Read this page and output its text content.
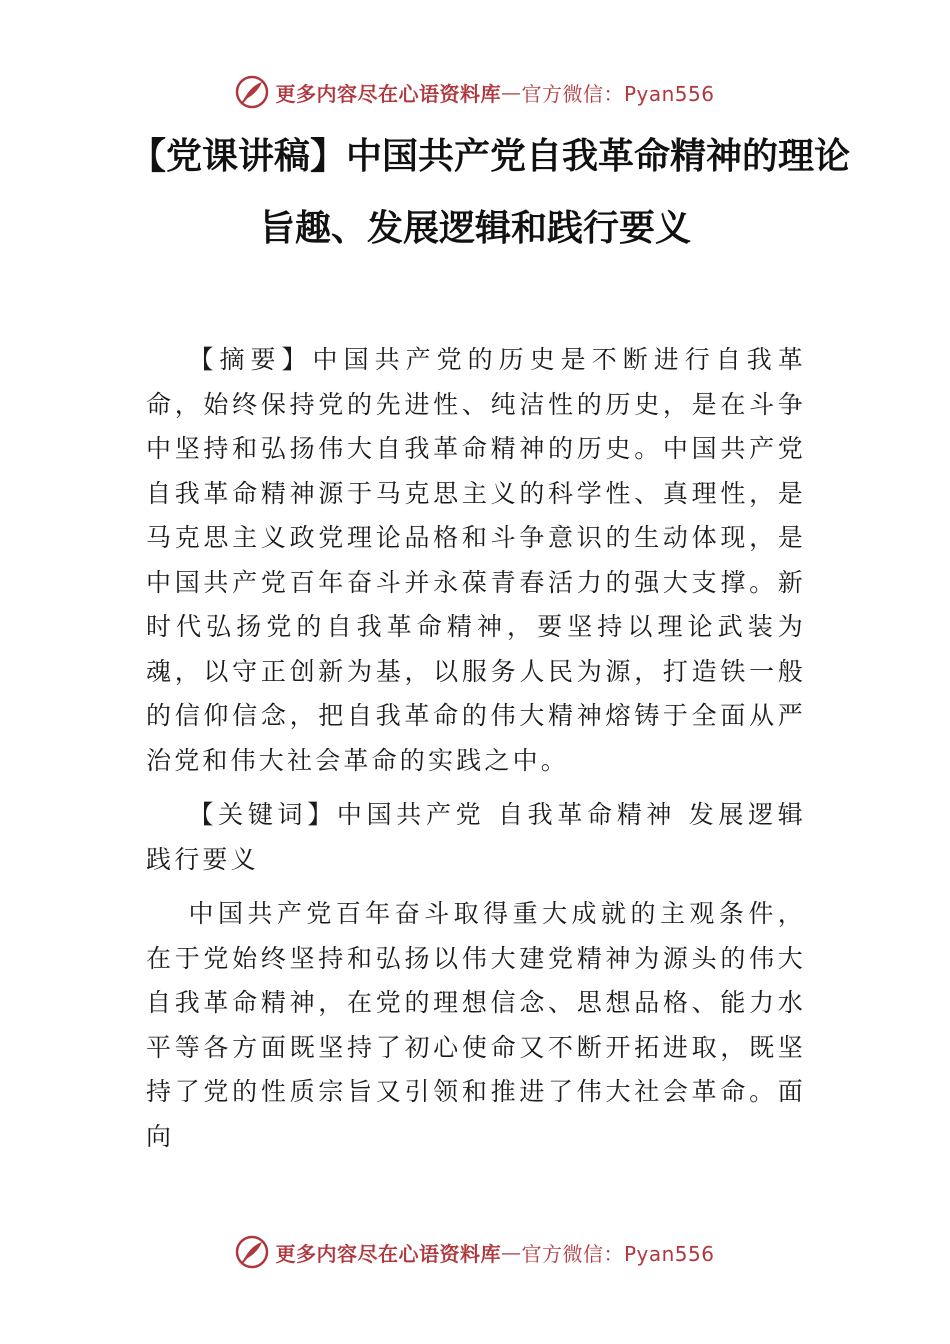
更多内容尽在心语资料库 — 官方微信：Pyan556
【党课讲稿】中国共产党自我革命精神的理论
旨趣、发展逻辑和践行要义

【摘要】中国共产党的历史是不断进行自我革命，始终保持党的先进性、纯洁性的历史，是在斗争中坚持和弘扬伟大自我革命精神的历史。中国共产党自我革命精神源于马克思主义的科学性、真理性，是马克思主义政党理论品格和斗争意识的生动体现，是中国共产党百年奋斗并永葆青春活力的强大支撑。新时代弘扬党的自我革命精神，要坚持以理论武装为魂，以守正创新为基，以服务人民为源，打造铁一般的信仰信念，把自我革命的伟大精神熔铸于全面从严治党和伟大社会革命的实践之中。

【关键词】中国共产党 自我革命精神 发展逻辑 践行要义

中国共产党百年奋斗取得重大成就的主观条件，在于党始终坚持和弘扬以伟大建党精神为源头的伟大自我革命精神，在党的理想信念、思想品格、能力水平等各方面既坚持了初心使命又不断开拓进取，既坚持了党的性质宗旨又引领和推进了伟大社会革命。面向

更多内容尽在心语资料库 — 官方微信：Pyan556
